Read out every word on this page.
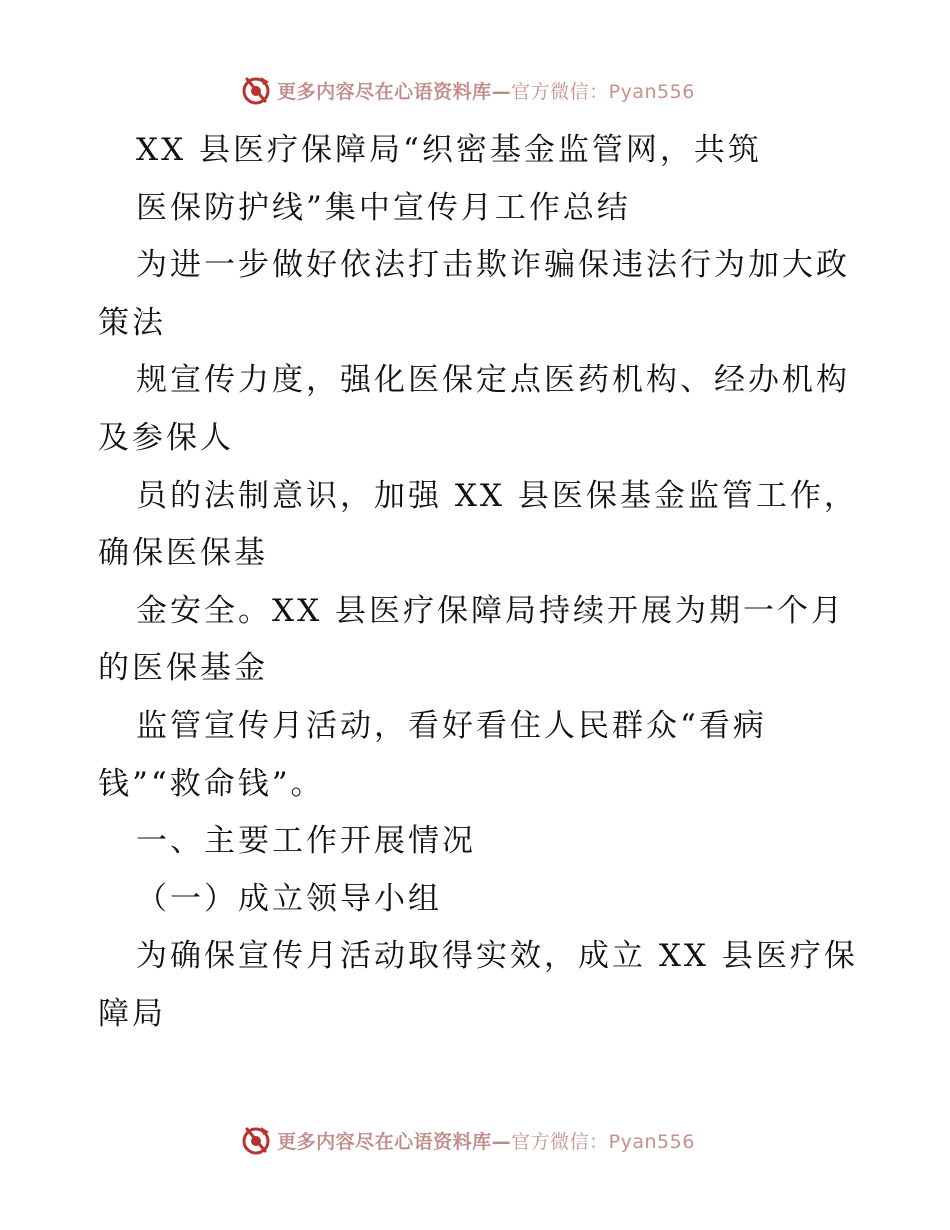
更多内容尽在心语资料库—官方微信：Pyan556
XX 县医疗保障局“织密基金监管网，共筑
医保防护线”集中宣传月工作总结
为进一步做好依法打击欺诈骗保违法行为加大政
策法
规宣传力度，强化医保定点医药机构、经办机构
及参保人
员的法制意识，加强 XX 县医保基金监管工作，
确保医保基
金安全。XX 县医疗保障局持续开展为期一个月
的医保基金
监管宣传月活动，看好看住人民群众“看病
钱”“救命钱”。
一、主要工作开展情况
（一）成立领导小组
为确保宣传月活动取得实效，成立 XX 县医疗保
障局
更多内容尽在心语资料库—官方微信：Pyan556
